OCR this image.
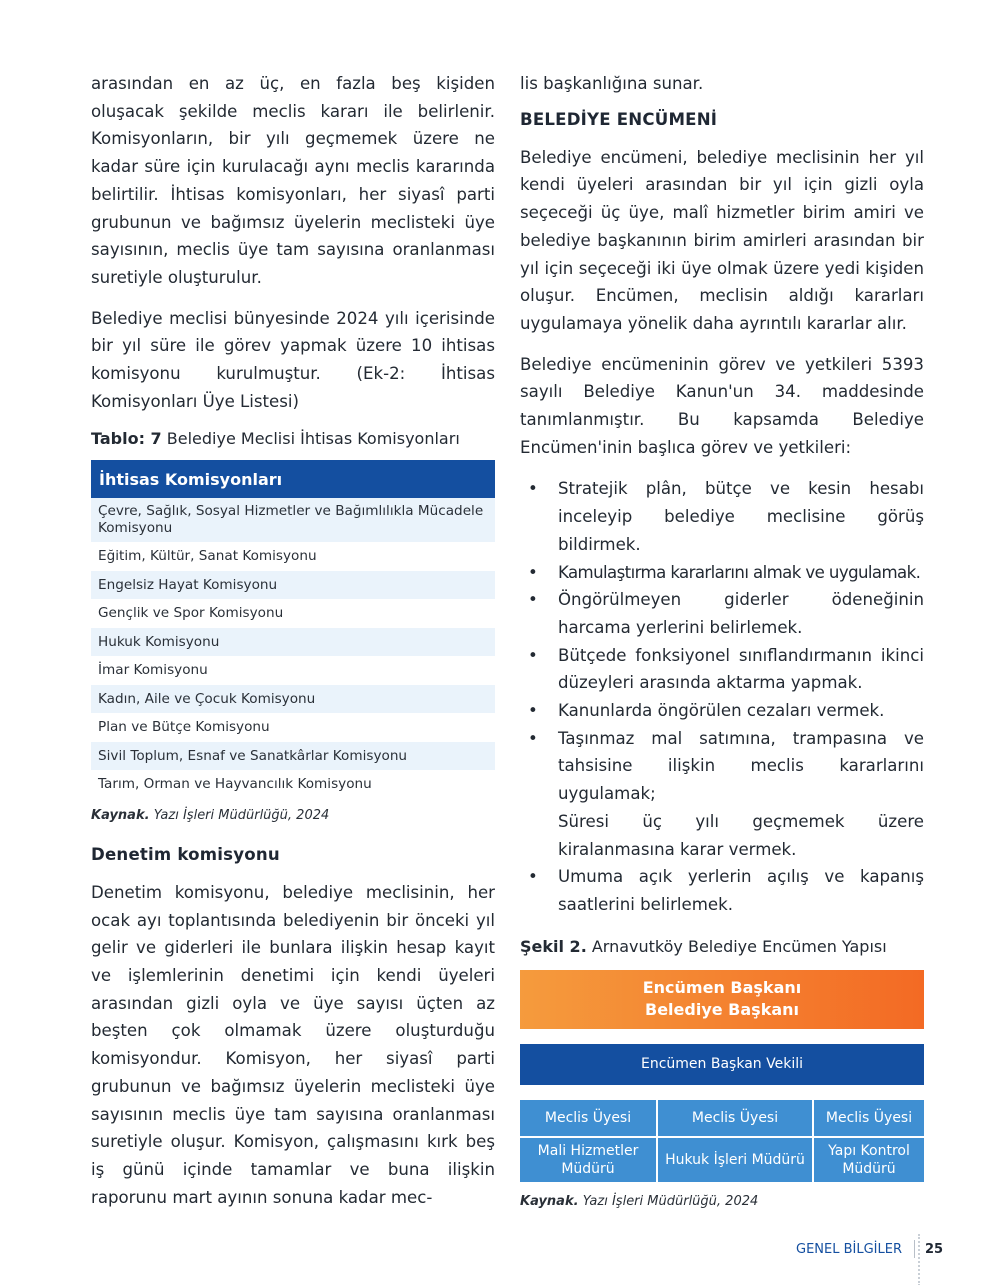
arasından en az üç, en fazla beş kişiden oluşacak şekilde meclis kararı ile belirlenir. Komisyonların, bir yılı geçmemek üzere ne kadar süre için kurulacağı aynı meclis kararında belirtilir. İhtisas komisyonları, her siyasî parti grubunun ve bağımsız üyelerin meclisteki üye sayısının, meclis üye tam sayısına oranlanması suretiyle oluşturulur.

Belediye meclisi bünyesinde 2024 yılı içerisinde bir yıl süre ile görev yapmak üzere 10 ihtisas komisyonu kurulmuştur. (Ek-2: İhtisas Komisyonları Üye Listesi)

Tablo: 7 Belediye Meclisi İhtisas Komisyonları
İhtisas Komisyonları
Çevre, Sağlık, Sosyal Hizmetler ve Bağımlılıkla Mücadele Komisyonu
Eğitim, Kültür, Sanat Komisyonu
Engelsiz Hayat Komisyonu
Gençlik ve Spor Komisyonu
Hukuk Komisyonu
İmar Komisyonu
Kadın, Aile ve Çocuk Komisyonu
Plan ve Bütçe Komisyonu
Sivil Toplum, Esnaf ve Sanatkârlar Komisyonu
Tarım, Orman ve Hayvancılık Komisyonu
Kaynak. Yazı İşleri Müdürlüğü, 2024
Denetim komisyonu

Denetim komisyonu, belediye meclisinin, her ocak ayı toplantısında belediyenin bir önceki yıl gelir ve giderleri ile bunlara ilişkin hesap kayıt ve işlemlerinin denetimi için kendi üyeleri arasından gizli oyla ve üye sayısı üçten az beşten çok olmamak üzere oluşturduğu komisyondur. Komisyon, her siyasî parti grubunun ve bağımsız üyelerin meclisteki üye sayısının meclis üye tam sayısına oranlanması suretiyle oluşur. Komisyon, çalışmasını kırk beş iş günü içinde tamamlar ve buna ilişkin raporunu mart ayının sonuna kadar mec-

lis başkanlığına sunar.

BELEDİYE ENCÜMENİ

Belediye encümeni, belediye meclisinin her yıl kendi üyeleri arasından bir yıl için gizli oyla seçeceği üç üye, malî hizmetler birim amiri ve belediye başkanının birim amirleri arasından bir yıl için seçeceği iki üye olmak üzere yedi kişiden oluşur. Encümen, meclisin aldığı kararları uygulamaya yönelik daha ayrıntılı kararlar alır.

Belediye encümeninin görev ve yetkileri 5393 sayılı Belediye Kanun'un 34. maddesinde tanımlanmıştır. Bu kapsamda Belediye Encümen'inin başlıca görev ve yetkileri:

• Stratejik plân, bütçe ve kesin hesabı inceleyip belediye meclisine görüş bildirmek.
• Kamulaştırma kararlarını almak ve uygulamak.
• Öngörülmeyen giderler ödeneğinin harcama yerlerini belirlemek.
• Bütçede fonksiyonel sınıflandırmanın ikinci düzeyleri arasında aktarma yapmak.
• Kanunlarda öngörülen cezaları vermek.
• Taşınmaz mal satımına, trampasına ve tahsisine ilişkin meclis kararlarını uygulamak;
Süresi üç yılı geçmemek üzere kiralanmasına karar vermek.
• Umuma açık yerlerin açılış ve kapanış saatlerini belirlemek.
Şekil 2. Arnavutköy Belediye Encümen Yapısı
Encümen Başkanı
Belediye Başkanı
Encümen Başkan Vekili
Meclis Üyesi	Meclis Üyesi	Meclis Üyesi
Mali Hizmetler Müdürü
Hukuk İşleri Müdürü
Yapı Kontrol Müdürü
Kaynak. Yazı İşleri Müdürlüğü, 2024
GENEL BİLGİLER 25
